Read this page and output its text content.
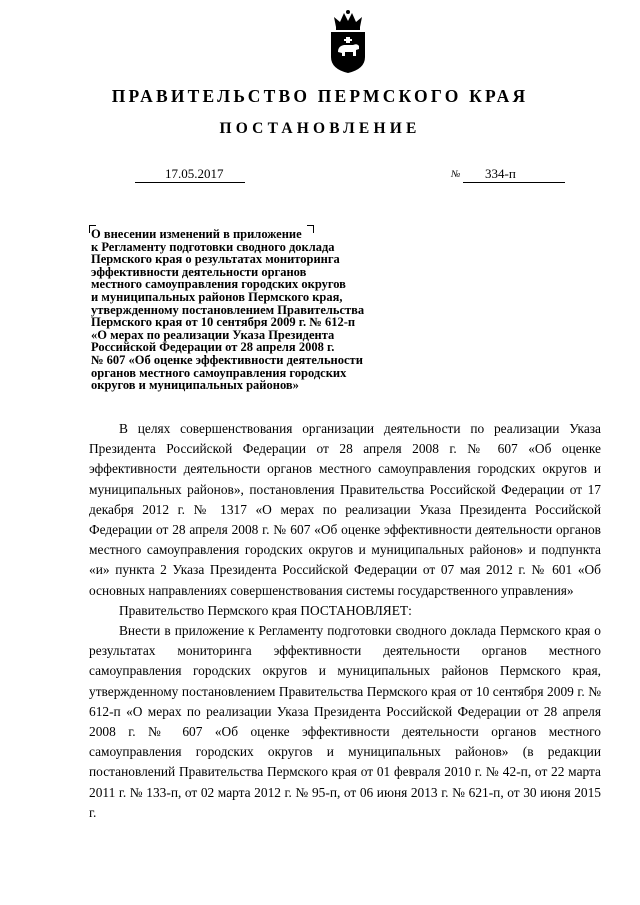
ПРАВИТЕЛЬСТВО ПЕРМСКОГО КРАЯ
ПОСТАНОВЛЕНИЕ
17.05.2017	№	334-п
О внесении изменений в приложение
к Регламенту подготовки сводного доклада
Пермского края о результатах мониторинга
эффективности деятельности органов
местного самоуправления городских округов
и муниципальных районов Пермского края,
утвержденному постановлением Правительства
Пермского края от 10 сентября 2009 г. № 612-п
«О мерах по реализации Указа Президента
Российской Федерации от 28 апреля 2008 г.
№ 607 «Об оценке эффективности деятельности
органов местного самоуправления городских
округов и муниципальных районов»

В целях совершенствования организации деятельности по реализации Указа Президента Российской Федерации от 28 апреля 2008 г. № 607 «Об оценке эффективности деятельности органов местного самоуправления городских округов и муниципальных районов», постановления Правительства Российской Федерации от 17 декабря 2012 г. № 1317 «О мерах по реализации Указа Президента Российской Федерации от 28 апреля 2008 г. № 607 «Об оценке эффективности деятельности органов местного самоуправления городских округов и муниципальных районов» и подпункта «и» пункта 2 Указа Президента Российской Федерации от 07 мая 2012 г. № 601 «Об основных направлениях совершенствования системы государственного управления»

Правительство Пермского края ПОСТАНОВЛЯЕТ:

Внести в приложение к Регламенту подготовки сводного доклада Пермского края о результатах мониторинга эффективности деятельности органов местного самоуправления городских округов и муниципальных районов Пермского края, утвержденному постановлением Правительства Пермского края от 10 сентября 2009 г. № 612-п «О мерах по реализации Указа Президента Российской Федерации от 28 апреля 2008 г. № 607 «Об оценке эффективности деятельности органов местного самоуправления городских округов и муниципальных районов» (в редакции постановлений Правительства Пермского края от 01 февраля 2010 г. № 42-п, от 22 марта 2011 г. № 133-п, от 02 марта 2012 г. № 95-п, от 06 июня 2013 г. № 621-п, от 30 июня 2015 г.
